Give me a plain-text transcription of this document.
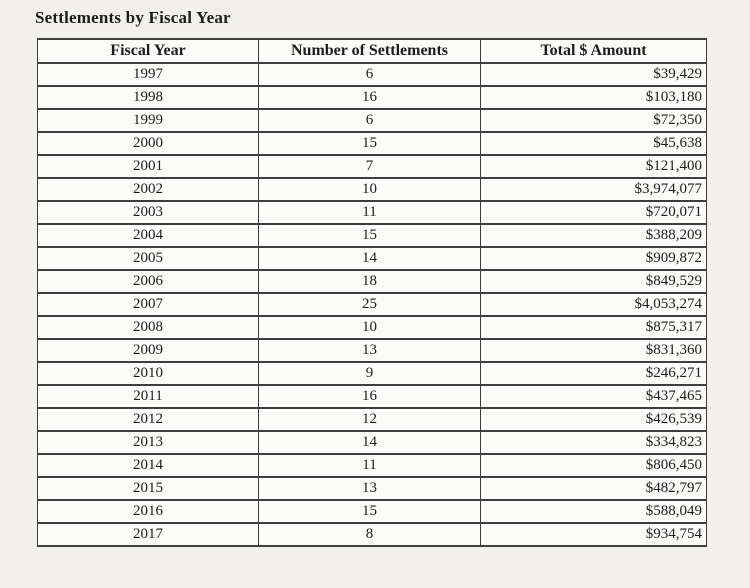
Settlements by Fiscal Year
Fiscal Year	Number of Settlements	Total $ Amount
1997	6	$39,429
1998	16	$103,180
1999	6	$72,350
2000	15	$45,638
2001	7	$121,400
2002	10	$3,974,077
2003	11	$720,071
2004	15	$388,209
2005	14	$909,872
2006	18	$849,529
2007	25	$4,053,274
2008	10	$875,317
2009	13	$831,360
2010	9	$246,271
2011	16	$437,465
2012	12	$426,539
2013	14	$334,823
2014	11	$806,450
2015	13	$482,797
2016	15	$588,049
2017	8	$934,754
